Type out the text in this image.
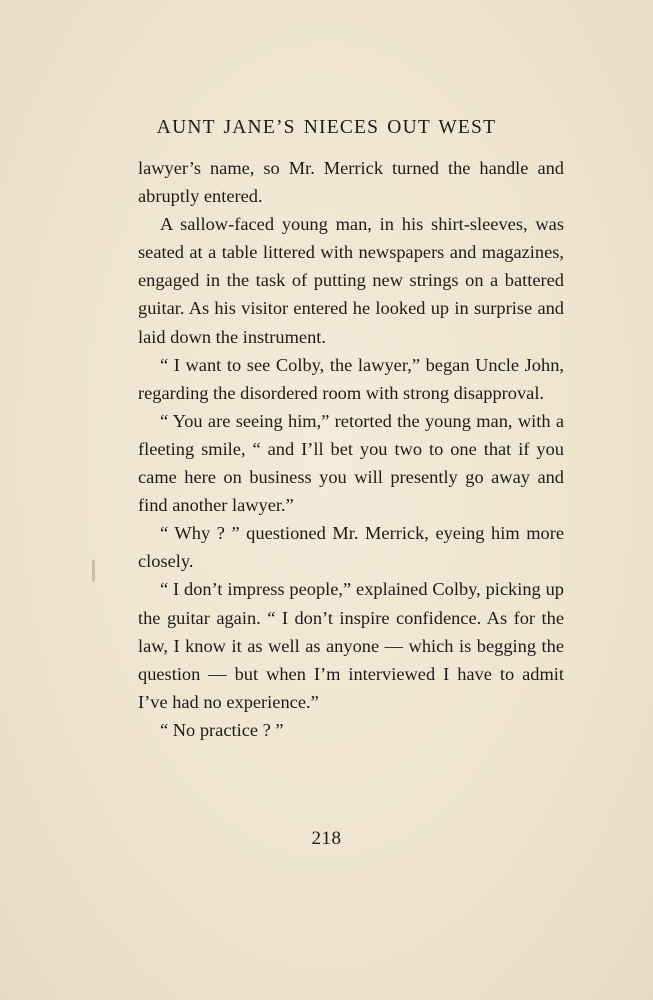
AUNT JANE’S NIECES OUT WEST

lawyer’s name, so Mr. Merrick turned the handle and abruptly entered.

A sallow-faced young man, in his shirt-sleeves, was seated at a table littered with newspapers and magazines, engaged in the task of putting new strings on a battered guitar. As his visitor entered he looked up in surprise and laid down the instrument.

“ I want to see Colby, the lawyer,” began Uncle John, regarding the disordered room with strong disapproval.

“ You are seeing him,” retorted the young man, with a fleeting smile, “ and I’ll bet you two to one that if you came here on business you will presently go away and find another lawyer.”

“ Why ? ” questioned Mr. Merrick, eyeing him more closely.

“ I don’t impress people,” explained Colby, picking up the guitar again. “ I don’t inspire confidence. As for the law, I know it as well as anyone — which is begging the question — but when I’m interviewed I have to admit I’ve had no experience.”

“ No practice ? ”

218
